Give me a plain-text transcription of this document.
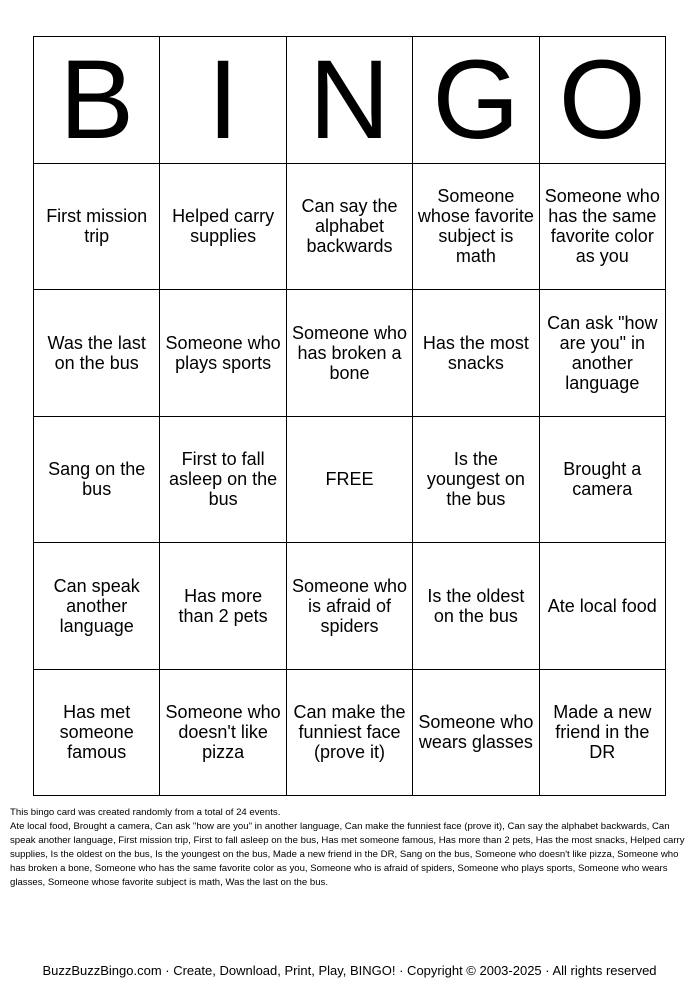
B I N G O
First mission trip
Helped carry supplies
Can say the alphabet backwards
Someone whose favorite subject is math
Someone who has the same favorite color as you
Was the last on the bus
Someone who plays sports
Someone who has broken a bone
Has the most snacks
Can ask "how are you" in another language
Sang on the bus
First to fall asleep on the bus
FREE
Is the youngest on the bus
Brought a camera
Can speak another language
Has more than 2 pets
Someone who is afraid of spiders
Is the oldest on the bus	Ate local food
Has met someone famous
Someone who doesn't like pizza
Can make the funniest face (prove it)
Someone who wears glasses
Made a new friend in the DR
This bingo card was created randomly from a total of 24 events.
Ate local food, Brought a camera, Can ask "how are you" in another language, Can make the funniest face (prove it), Can say the alphabet backwards, Can speak another language, First mission trip, First to fall asleep on the bus, Has met someone famous, Has more than 2 pets, Has the most snacks, Helped carry supplies, Is the oldest on the bus, Is the youngest on the bus, Made a new friend in the DR, Sang on the bus, Someone who doesn't like pizza, Someone who has broken a bone, Someone who has the same favorite color as you, Someone who is afraid of spiders, Someone who plays sports, Someone who wears glasses, Someone whose favorite subject is math, Was the last on the bus.
BuzzBuzzBingo.com · Create, Download, Print, Play, BINGO! · Copyright © 2003-2025 · All rights reserved
